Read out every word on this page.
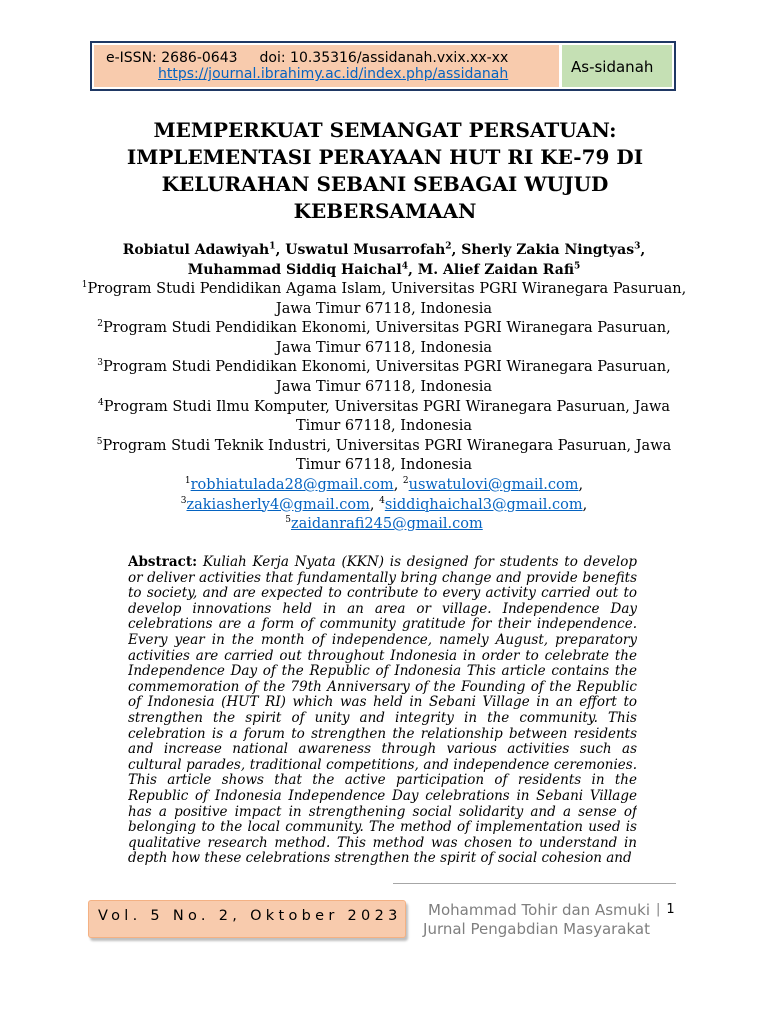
e-ISSN: 2686-0643 doi: 10.35316/assidanah.vxix.xx-xx
https://journal.ibrahimy.ac.id/index.php/assidanah	As-sidanah
MEMPERKUAT SEMANGAT PERSATUAN: IMPLEMENTASI PERAYAAN HUT RI KE-79 DI KELURAHAN SEBANI SEBAGAI WUJUD KEBERSAMAAN
Robiatul Adawiyah$^1$, Uswatul Musarrofah$^2$, Sherly Zakia Ningtyas$^3$,
Muhammad Siddiq Haichal$^4$, M. Alief Zaidan Rafi$^5$
$^1$Program Studi Pendidikan Agama Islam, Universitas PGRI Wiranegara Pasuruan, Jawa Timur 67118, Indonesia
$^2$Program Studi Pendidikan Ekonomi, Universitas PGRI Wiranegara Pasuruan, Jawa Timur 67118, Indonesia
$^3$Program Studi Pendidikan Ekonomi, Universitas PGRI Wiranegara Pasuruan, Jawa Timur 67118, Indonesia
$^4$Program Studi Ilmu Komputer, Universitas PGRI Wiranegara Pasuruan, Jawa Timur 67118, Indonesia
$^5$Program Studi Teknik Industri, Universitas PGRI Wiranegara Pasuruan, Jawa Timur 67118, Indonesia
$^1$robhiatulada28@gmail.com, $^2$uswatulovi@gmail.com,
$^3$zakiasherly4@gmail.com, $^4$siddiqhaichal3@gmail.com,
$^5$zaidanrafi245@gmail.com
Abstract: Kuliah Kerja Nyata (KKN) is designed for students to develop or deliver activities that fundamentally bring change and provide benefits to society, and are expected to contribute to every activity carried out to develop innovations held in an area or village. Independence Day celebrations are a form of community gratitude for their independence. Every year in the month of independence, namely August, preparatory activities are carried out throughout Indonesia in order to celebrate the Independence Day of the Republic of Indonesia This article contains the commemoration of the 79th Anniversary of the Founding of the Republic of Indonesia (HUT RI) which was held in Sebani Village in an effort to strengthen the spirit of unity and integrity in the community. This celebration is a forum to strengthen the relationship between residents and increase national awareness through various activities such as cultural parades, traditional competitions, and independence ceremonies. This article shows that the active participation of residents in the Republic of Indonesia Independence Day celebrations in Sebani Village has a positive impact in strengthening social solidarity and a sense of belonging to the local community. The method of implementation used is qualitative research method. This method was chosen to understand in depth how these celebrations strengthen the spirit of social cohesion and
Vol. 5 No. 2, Oktober 2023	Mohammad Tohir dan Asmuki
Jurnal Pengabdian Masyarakat
| 1
